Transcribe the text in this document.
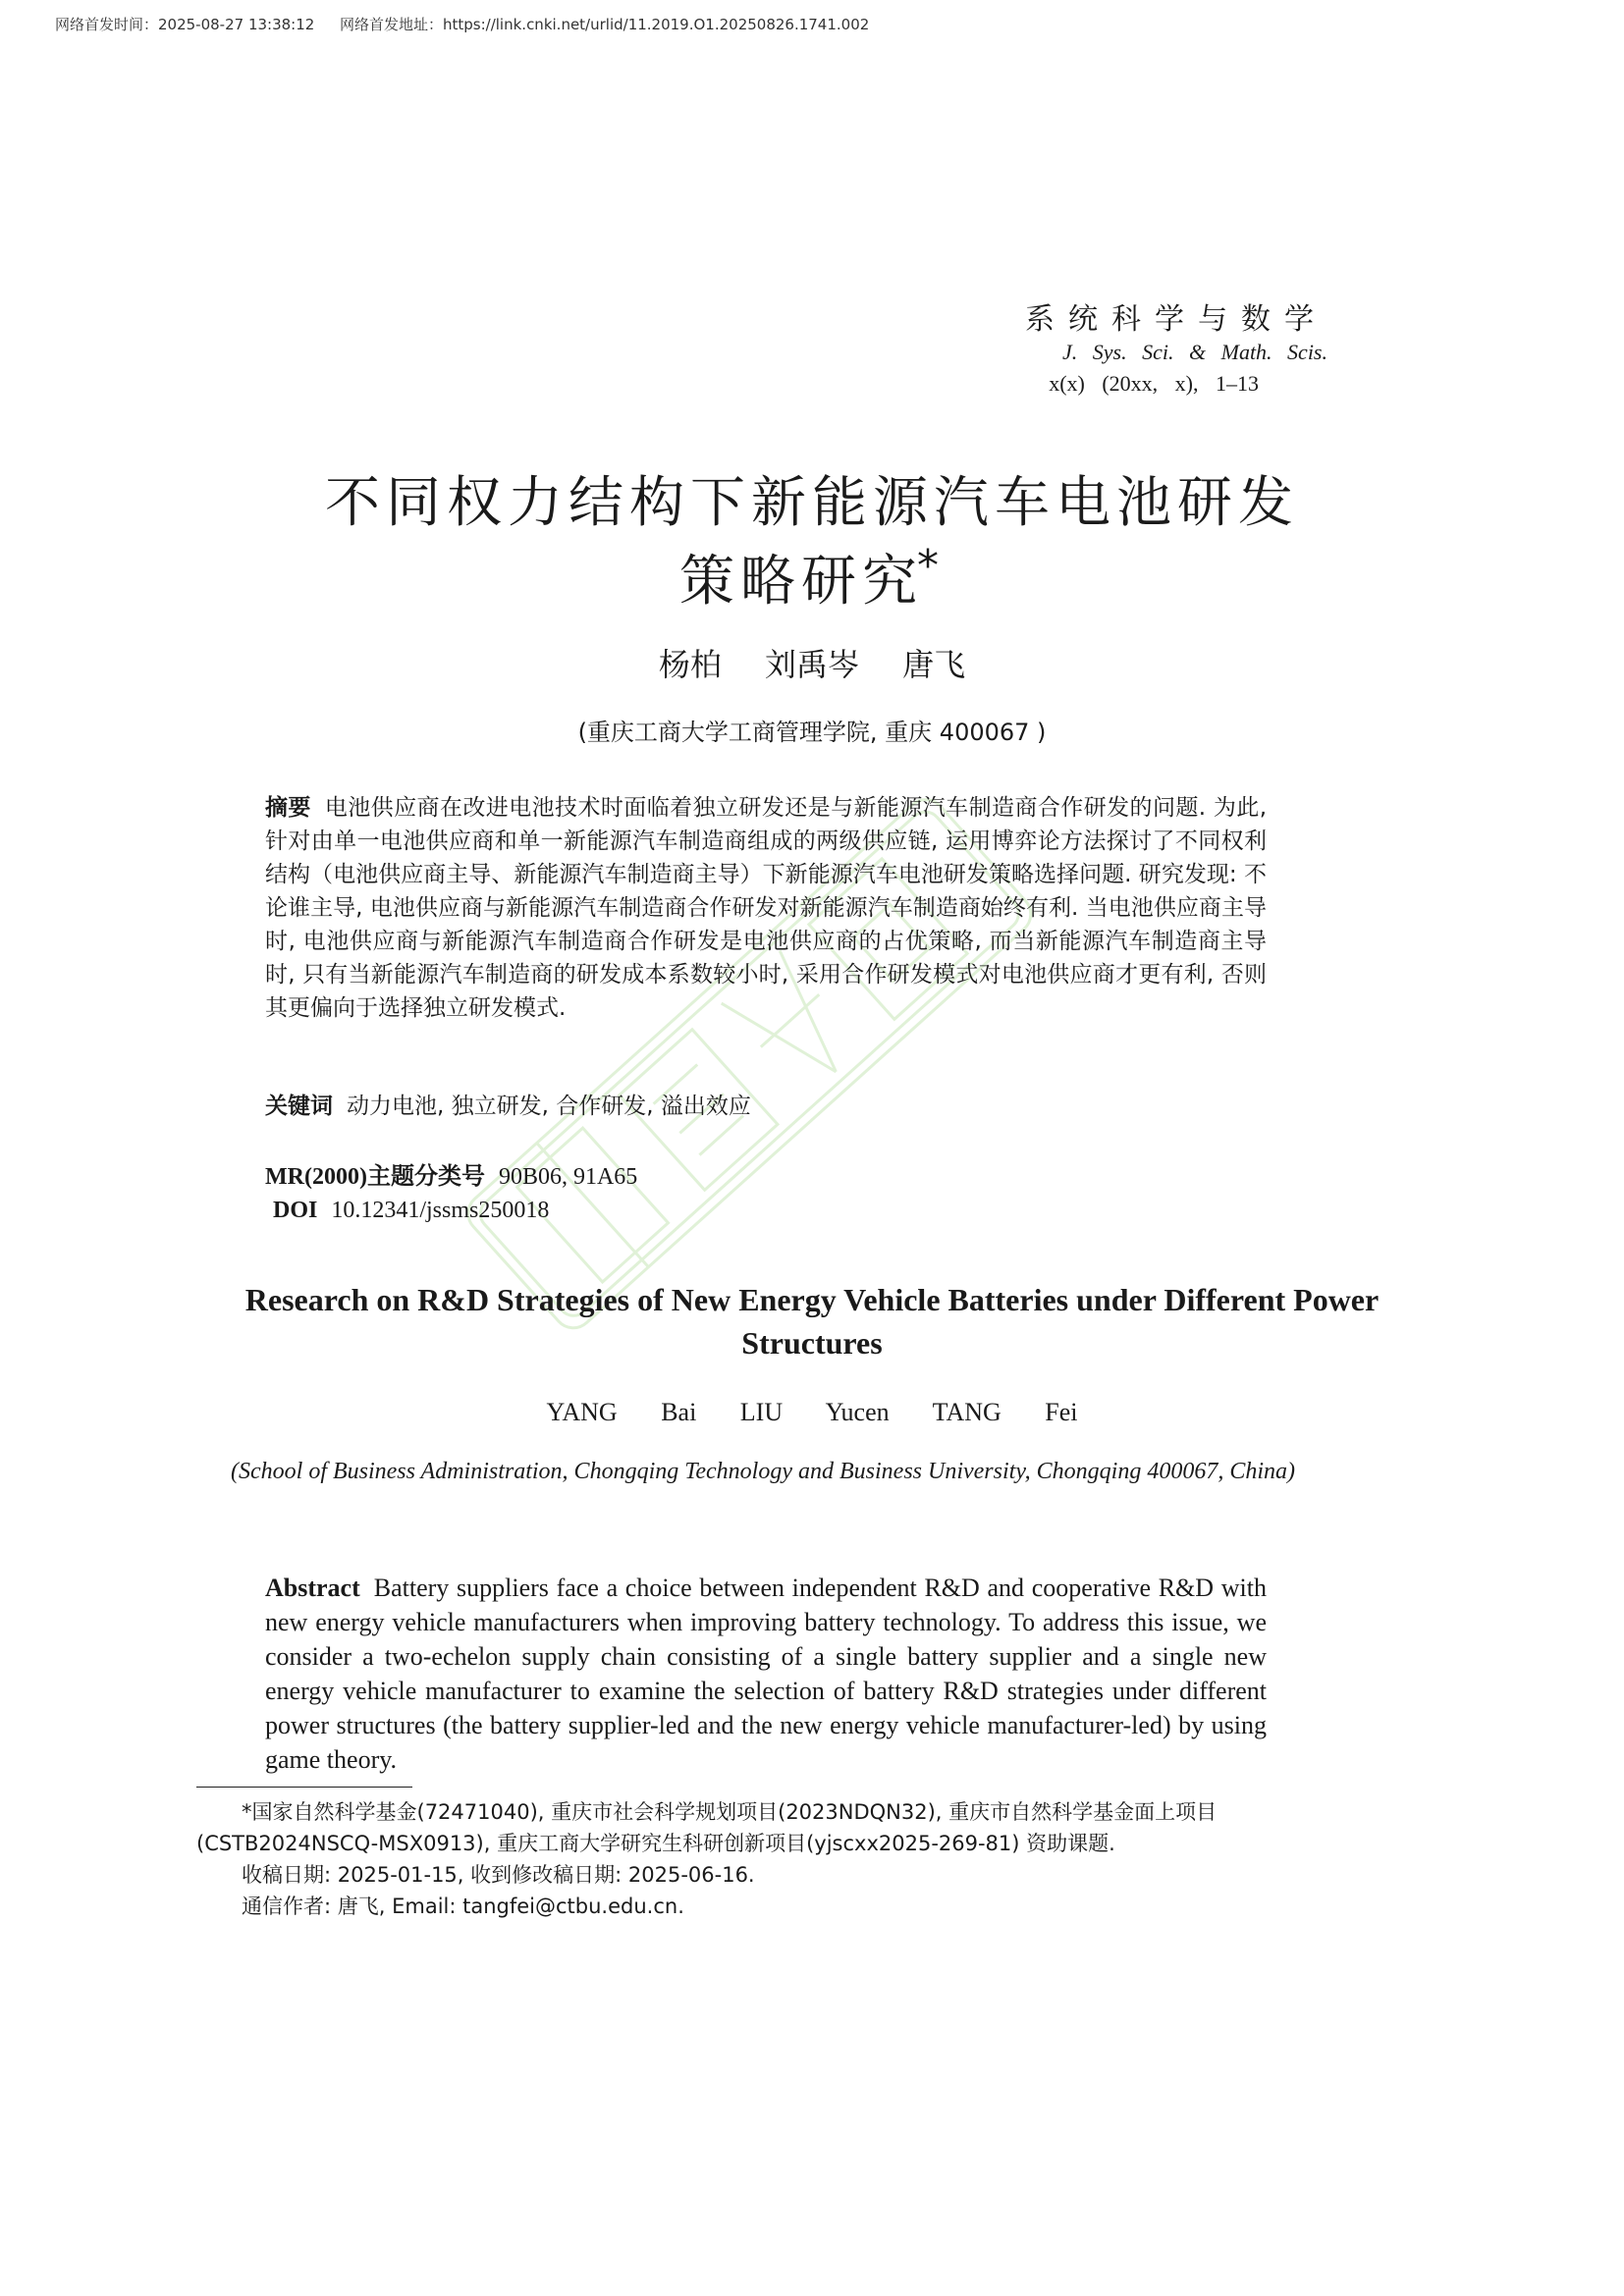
网络首发时间：2025-08-27 13:38:12 网络首发地址：https://link.cnki.net/urlid/11.2019.O1.20250826.1741.002
系统科学与数学
J. Sys. Sci. & Math. Scis.
x(x) (20xx, x), 1–13
不同权力结构下新能源汽车电池研发
策略研究*
杨柏 刘禹岑 唐飞
(重庆工商大学工商管理学院, 重庆 400067 )
摘要 电池供应商在改进电池技术时面临着独立研发还是与新能源汽车制造商合作研发的问题. 为此, 针对由单一电池供应商和单一新能源汽车制造商组成的两级供应链, 运用博弈论方法探讨了不同权利结构（电池供应商主导、新能源汽车制造商主导）下新能源汽车电池研发策略选择问题. 研究发现: 不论谁主导, 电池供应商与新能源汽车制造商合作研发对新能源汽车制造商始终有利. 当电池供应商主导时, 电池供应商与新能源汽车制造商合作研发是电池供应商的占优策略, 而当新能源汽车制造商主导时, 只有当新能源汽车制造商的研发成本系数较小时, 采用合作研发模式对电池供应商才更有利, 否则其更偏向于选择独立研发模式.
关键词 动力电池, 独立研发, 合作研发, 溢出效应
MR(2000)主题分类号 90B06, 91A65
DOI 10.12341/jssms250018
Research on R&D Strategies of New Energy Vehicle Batteries under Different Power Structures
YANG Bai LIU Yucen TANG Fei
(School of Business Administration, Chongqing Technology and Business University, Chongqing 400067, China)
Abstract Battery suppliers face a choice between independent R&D and cooperative R&D with new energy vehicle manufacturers when improving battery technology. To address this issue, we consider a two-echelon supply chain consisting of a single battery supplier and a single new energy vehicle manufacturer to examine the selection of battery R&D strategies under different power structures (the battery supplier-led and the new energy vehicle manufacturer-led) by using game theory.
*国家自然科学基金(72471040), 重庆市社会科学规划项目(2023NDQN32), 重庆市自然科学基金面上项目(CSTB2024NSCQ-MSX0913), 重庆工商大学研究生科研创新项目(yjscxx2025-269-81) 资助课题.
收稿日期: 2025-01-15, 收到修改稿日期: 2025-06-16.
通信作者: 唐飞, Email: tangfei@ctbu.edu.cn.
